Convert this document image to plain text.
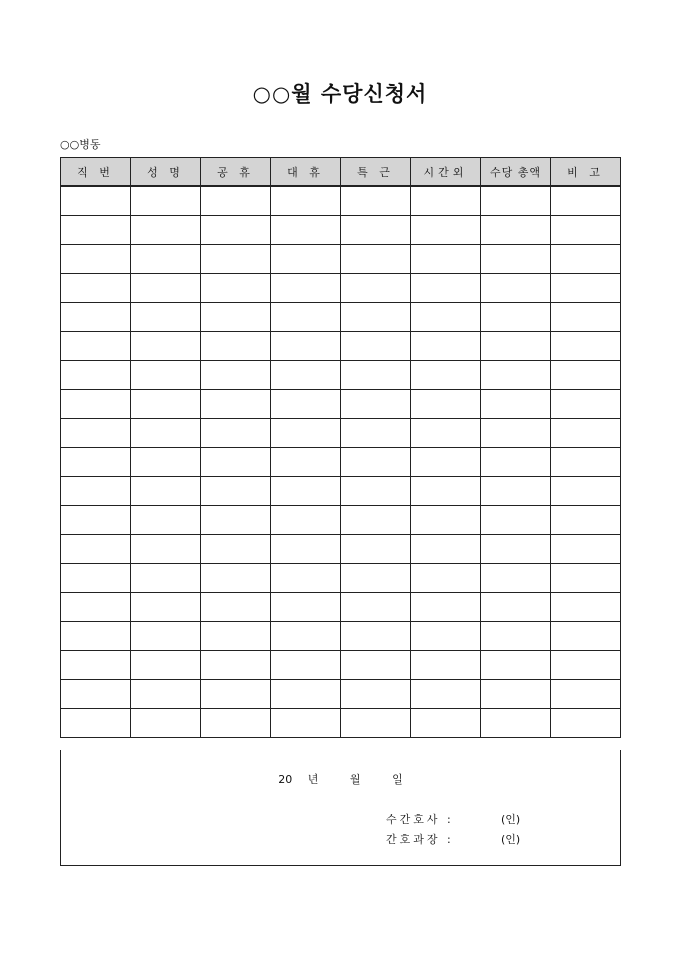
○○월 수당신청서
○○병동
직 번	성 명	공 휴	대 휴	특 근	시간외	수당 총액	비 고

20 년	월	일
수간호사 :	(인)
간호과장 :	(인)
